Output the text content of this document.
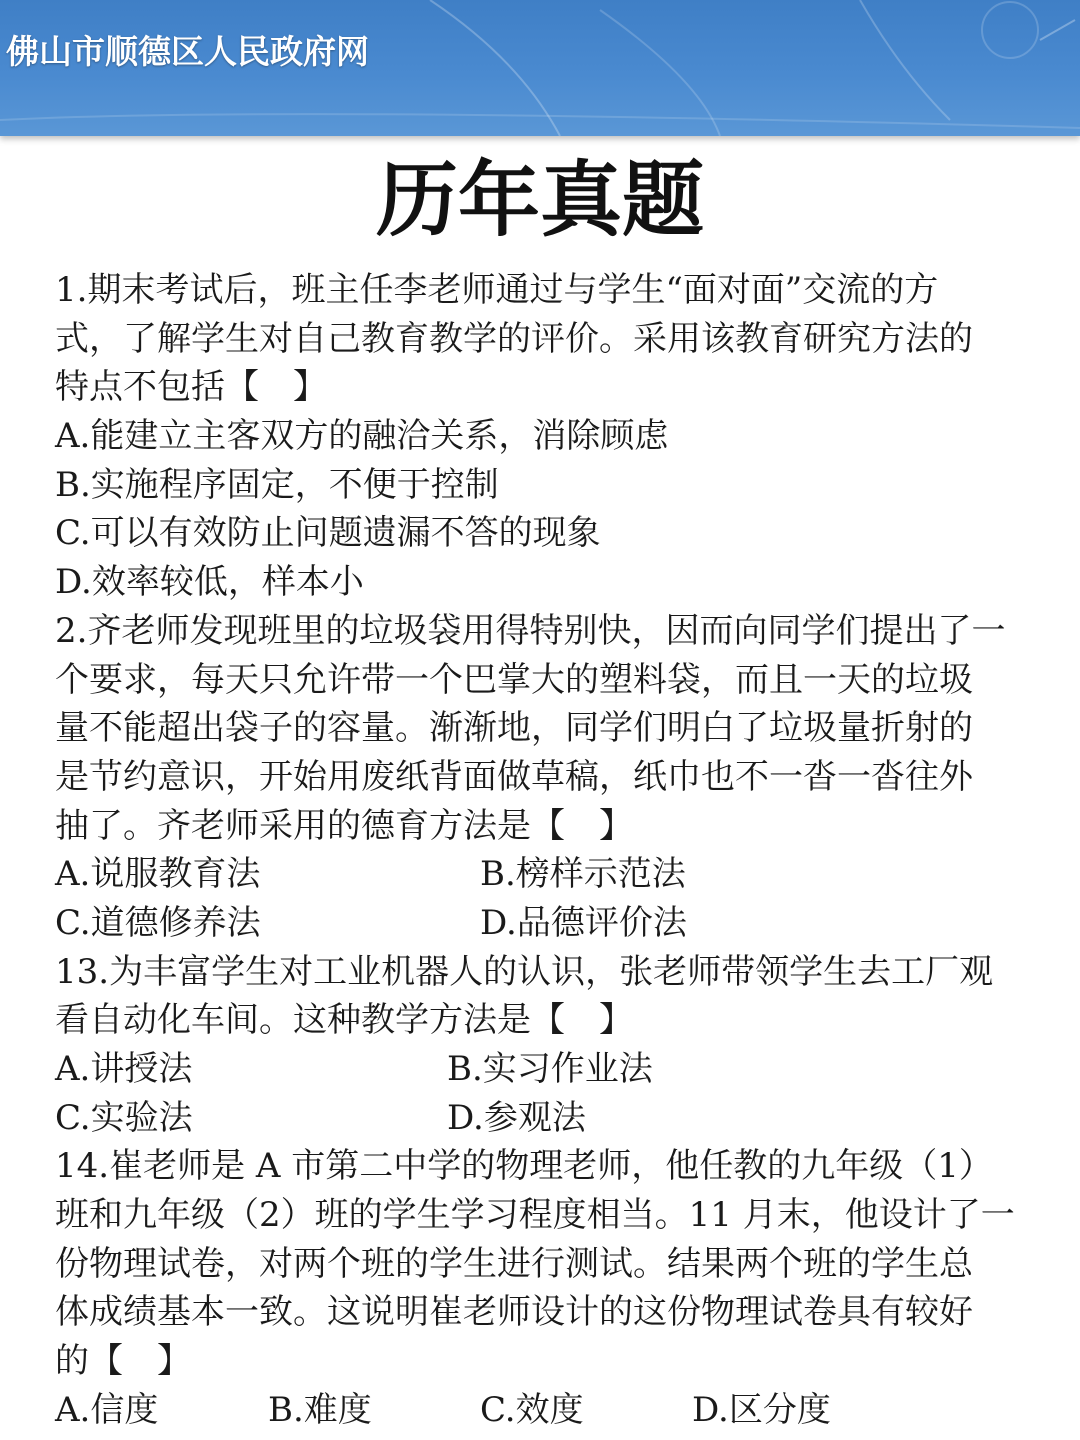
佛山市顺德区人民政府网
历年真题
1.期末考试后，班主任李老师通过与学生“面对面”交流的方
式，了解学生对自己教育教学的评价。采用该教育研究方法的
特点不包括【　】
A.能建立主客双方的融洽关系，消除顾虑
B.实施程序固定，不便于控制
C.可以有效防止问题遗漏不答的现象
D.效率较低，样本小
2.齐老师发现班里的垃圾袋用得特别快，因而向同学们提出了一
个要求，每天只允许带一个巴掌大的塑料袋，而且一天的垃圾
量不能超出袋子的容量。渐渐地，同学们明白了垃圾量折射的
是节约意识，开始用废纸背面做草稿，纸巾也不一沓一沓往外
抽了。齐老师采用的德育方法是【　】
A.说服教育法	B.榜样示范法
C.道德修养法	D.品德评价法
13.为丰富学生对工业机器人的认识，张老师带领学生去工厂观
看自动化车间。这种教学方法是【　】
A.讲授法	B.实习作业法
C.实验法	D.参观法
14.崔老师是 A 市第二中学的物理老师，他任教的九年级（1）
班和九年级（2）班的学生学习程度相当。11 月末，他设计了一
份物理试卷，对两个班的学生进行测试。结果两个班的学生总
体成绩基本一致。这说明崔老师设计的这份物理试卷具有较好
的【　】
A.信度	B.难度	C.效度	D.区分度
